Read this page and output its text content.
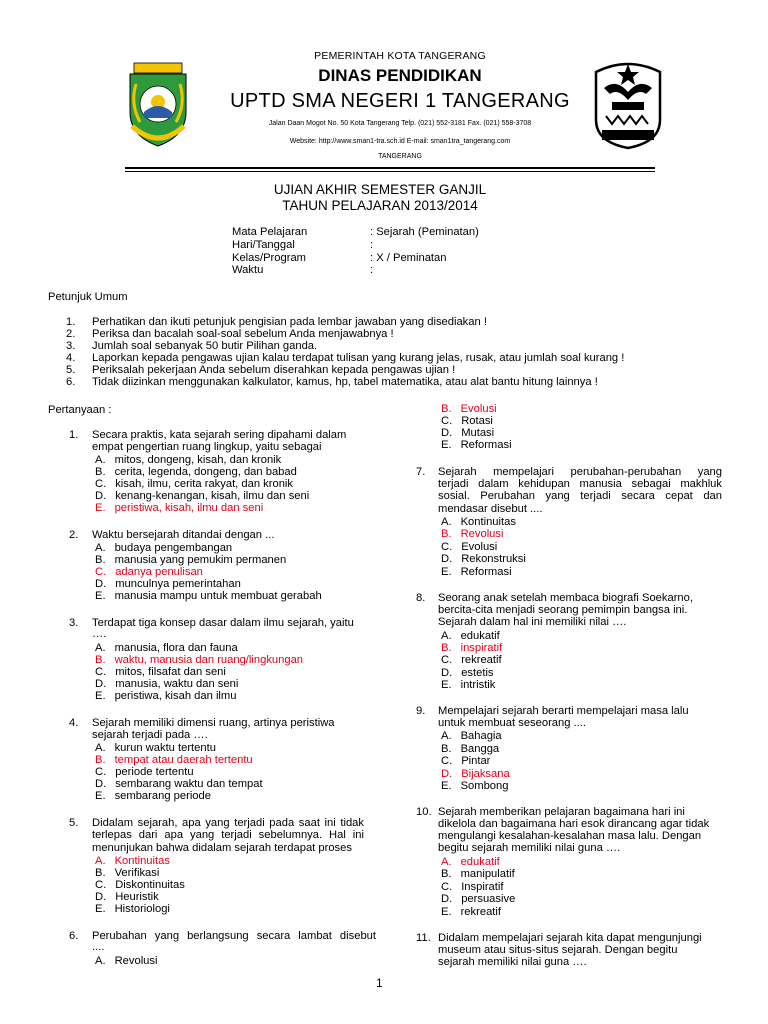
PEMERINTAH KOTA TANGERANG
DINAS PENDIDIKAN
UPTD SMA NEGERI 1 TANGERANG
Jalan Daan Mogot No. 50 Kota Tangerang Telp. (021) 552-3181 Fax. (021) 558-3708
Website: http://www.sman1-tra.sch.id E-mail: sman1tra_tangerang.com
TANGERANG
UJIAN AKHIR SEMESTER GANJIL
TAHUN PELAJARAN 2013/2014
Mata Pelajaran	: Sejarah (Peminatan)
Hari/Tanggal	:
Kelas/Program	: X / Peminatan
Waktu	:
Petunjuk Umum
1. Perhatikan dan ikuti petunjuk pengisian pada lembar jawaban yang disediakan !
2. Periksa dan bacalah soal-soal sebelum Anda menjawabnya !
3. Jumlah soal sebanyak 50 butir Pilihan ganda.
4. Laporkan kepada pengawas ujian kalau terdapat tulisan yang kurang jelas, rusak, atau jumlah soal kurang !
5. Periksalah pekerjaan Anda sebelum diserahkan kepada pengawas ujian !
6. Tidak diizinkan menggunakan kalkulator, kamus, hp, tabel matematika, atau alat bantu hitung lainnya !
Pertanyaan :
1. Secara praktis, kata sejarah sering dipahami dalam
empat pengertian ruang lingkup, yaitu sebagai
A. mitos, dongeng, kisah, dan kronik
B. cerita, legenda, dongeng, dan babad
C. kisah, ilmu, cerita rakyat, dan kronik
D. kenang-kenangan, kisah, ilmu dan seni
E. peristiwa, kisah, ilmu dan seni
2. Waktu bersejarah ditandai dengan ...
A. budaya pengembangan
B. manusia yang pemukim permanen
C. adanya penulisan
D. munculnya pemerintahan
E. manusia mampu untuk membuat gerabah
3. Terdapat tiga konsep dasar dalam ilmu sejarah, yaitu
….
A. manusia, flora dan fauna
B. waktu, manusia dan ruang/lingkungan
C. mitos, filsafat dan seni
D. manusia, waktu dan seni
E. peristiwa, kisah dan ilmu
4. Sejarah memiliki dimensi ruang, artinya peristiwa
sejarah terjadi pada ….
A. kurun waktu tertentu
B. tempat atau daerah tertentu
C. periode tertentu
D. sembarang waktu dan tempat
E. sembarang periode
5. Didalam sejarah, apa yang terjadi pada saat ini tidak
terlepas dari apa yang terjadi sebelumnya. Hal ini
menunjukan bahwa didalam sejarah terdapat proses
A. Kontinuitas
B. Verifikasi
C. Diskontinuitas
D. Heuristik
E. Historiologi
6. Perubahan yang berlangsung secara lambat disebut
....
A. Revolusi
B. Evolusi
C. Rotasi
D. Mutasi
E. Reformasi
7. Sejarah mempelajari perubahan-perubahan yang
terjadi dalam kehidupan manusia sebagai makhluk
sosial. Perubahan yang terjadi secara cepat dan
mendasar disebut ....
A. Kontinuitas
B. Revolusi
C. Evolusi
D. Rekonstruksi
E. Reformasi
8. Seorang anak setelah membaca biografi Soekarno,
bercita-cita menjadi seorang pemimpin bangsa ini.
Sejarah dalam hal ini memiliki nilai ….
A. edukatif
B. inspiratif
C. rekreatif
D. estetis
E. intristik
9. Mempelajari sejarah berarti mempelajari masa lalu
untuk membuat seseorang ....
A. Bahagia
B. Bangga
C. Pintar
D. Bijaksana
E. Sombong
10. Sejarah memberikan pelajaran bagaimana hari ini
dikelola dan bagaimana hari esok dirancang agar tidak
mengulangi kesalahan-kesalahan masa lalu. Dengan
begitu sejarah memiliki nilai guna ….
A. edukatif
B. manipulatif
C. Inspiratif
D. persuasive
E. rekreatif
11. Didalam mempelajari sejarah kita dapat mengunjungi
museum atau situs-situs sejarah. Dengan begitu
sejarah memiliki nilai guna ….
1
